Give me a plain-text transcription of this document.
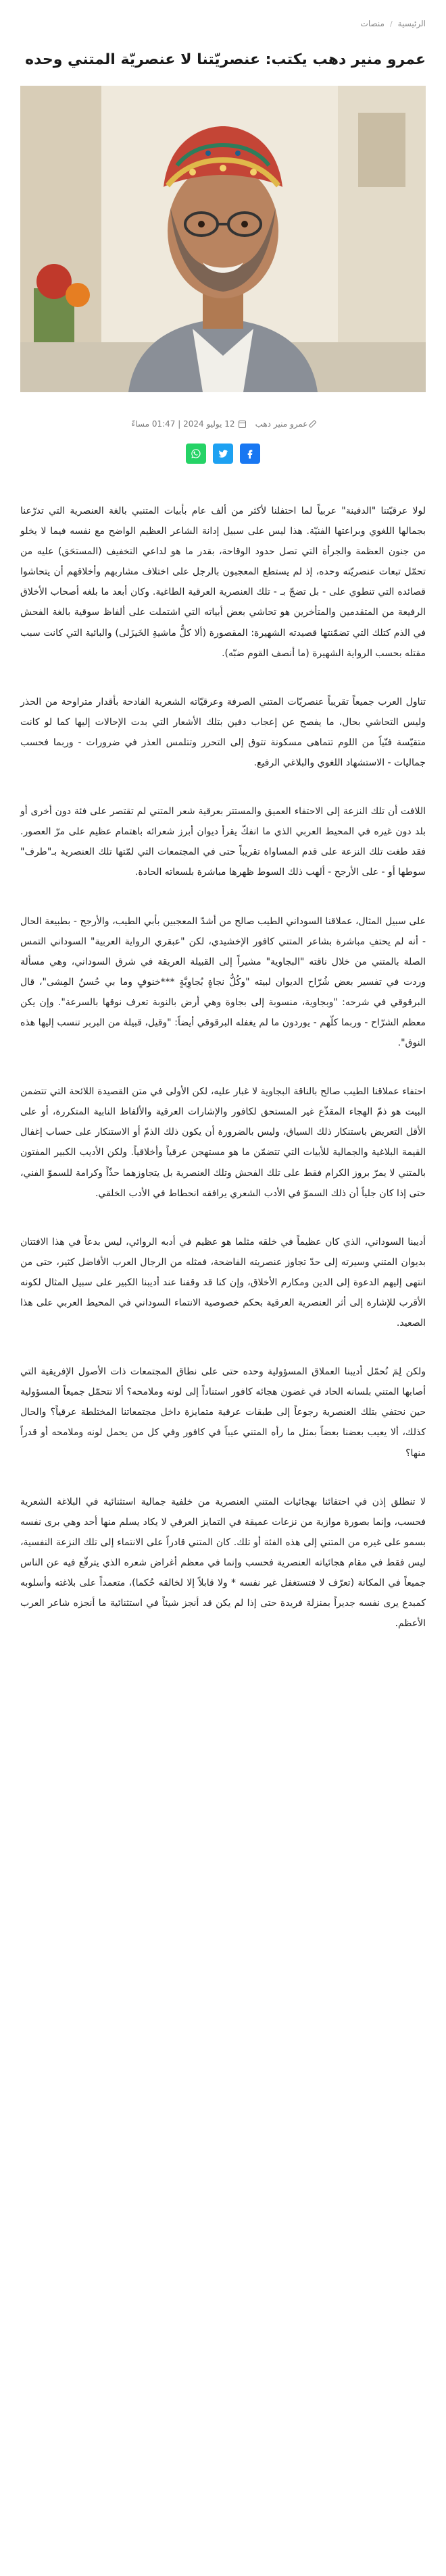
الرئيسية
/
منصات
عمرو منير دهب يكتب: عنصريّتنا لا عنصريّة المتني وحده
عمرو منير دهب
12 يوليو 2024 | 01:47 مساءً

لولا عرقيّتنا "الدفينة" عربياً لما احتفلنا لأكثر من ألف عام بأبيات المتنبي بالغة العنصرية التي تدرّعنا بجمالها اللغوي وبراعتها الفنيّة. هذا ليس على سبيل إدانة الشاعر العظيم الواضح مع نفسه فيما لا يخلو من جنون العظمة والجرأة التي تصل حدود الوقاحة، بقدر ما هو لداعي التخفيف (المستحَق) عليه من تحمّل تبعات عنصريّته وحده، إذ لم يستطع المعجبون بالرجل على اختلاف مشاربهم وأخلاقهم أن يتحاشوا قصائده التي تنطوي على - بل تضجّ بـ - تلك العنصرية العرقية الطاغية. وكان أبعد ما بلغه أصحاب الأخلاق الرفيعة من المتقدمين والمتأخرين هو تحاشي بعض أبياته التي اشتملت على ألفاظ سوقية بالغة الفحش في الذم كتلك التي تضمّنتها قصيدته الشهيرة: المقصورة (ألا كلُّ ماشيةِ الخَيزَلى) والبائية التي كانت سبب مقتله بحسب الرواية الشهيرة (ما أنصف القوم ضبّه).

تناول العرب جميعاً تقريباً عنصريّات المتني الصرفة وعرقيّاته الشعرية الفادحة بأقدار متراوحة من الحذر وليس التحاشي بحال، ما يفصح عن إعجاب دفين بتلك الأشعار التي بدت الإحالات إليها كما لو كانت متقيّسة فنّياً من اللوم تتماهى مسكونة تتوق إلى التحرر وتتلمس العذر في ضرورات - وربما فحسب جماليات - الاستشهاد اللغوي والبلاغي الرفيع.

اللافت أن تلك النزعة إلى الاحتفاء العميق والمستتر بعرقية شعر المتني لم تقتصر على فئة دون أخرى أو بلد دون غيره في المحيط العربي الذي ما انفكّ يقرأ ديوان أبرز شعرائه باهتمام عظيم على مرّ العصور. فقد طغت تلك النزعة على قدم المساواة تقريباً حتى في المجتمعات التي لمّتها تلك العنصرية بـ"طرف" سوطها أو - على الأرجح - ألهب ذلك السوط ظهرها مباشرة بلسعاته الحادة.

على سبيل المثال، عملاقنا السوداني الطيب صالح من أشدّ المعجبين بأبي الطيب، والأرجح - بطبيعة الحال - أنه لم يحتفِ مباشرة بشاعر المتني كافور الإخشيدي، لكن "عبقري الرواية العربية" السوداني التمس الصلة بالمتني من خلال ناقته "البجاوية" مشيراً إلى القبيلة العريقة في شرق السوداني، وهي مسألة وردت في تفسير بعض شُرّاح الديوان لبيته "وكُلُّ نجاةٍ بُجاوِيَّةٍ ***خنوفٍ وما بي حُسنُ المِشى"، قال البرقوقي في شرحه: "وبجاوية، منسوبة إلى بجاوة وهي أرض بالنوبة تعرف نوقها بالسرعة". وإن يكن معظم الشرّاح - وربما كلّهم - يوردون ما لم يغفله البرقوقي أيضاً: "وقيل، قبيلة من البربر تنسب إليها هذه النوق".

احتفاء عملاقنا الطيب صالح بالناقة البجاوية لا غبار عليه، لكن الأولى في متن القصيدة اللائحة التي تتضمن البيت هو ذمّ الهجاء المقذّع غير المستحق لكافور والإشارات العرقية والألفاظ النابية المتكررة، أو على الأقل التعريض باستنكار ذلك السياق، وليس بالضرورة أن يكون ذلك الذمّ أو الاستنكار على حساب إغفال القيمة البلاغية والجمالية للأبيات التي تتضمّن ما هو مستهجن عرقياً وأخلاقياً. ولكن الأديب الكبير المفتون بالمتني لا يمرّ بروز الكرام فقط على تلك الفحش وتلك العنصرية بل يتجاوزهما حذّاً وكرامة للسموّ الفني، حتى إذا كان جلياً أن ذلك السموّ في الأدب الشعري يرافقه انحطاط في الأدب الخلقي.

أديبنا السوداني، الذي كان عظيماً في خلقه مثلما هو عظيم في أدبه الروائي، ليس بدعاً في هذا الافتتان بديوان المتني وسيرته إلى حدّ تجاوز عنصريته الفاضحة، فمثله من الرجال العرب الأفاضل كثير، حتى من انتهى إليهم الدعوة إلى الدين ومكارم الأخلاق، وإن كنا قد وقفنا عند أديبنا الكبير على سبيل المثال لكونه الأقرب للإشارة إلى أثر العنصرية العرقية بحكم خصوصية الانتماء السوداني في المحيط العربي على هذا الصعيد.

ولكن لِمَ نُحمّل أديبنا العملاق المسؤولية وحده حتى على نطاق المجتمعات ذات الأصول الإفريقية التي أصابها المتني بلسانه الحاد في غضون هجائه كافور استناداً إلى لونه وملامحه؟ ألا نتحمّل جميعاً المسؤولية حين نحتفي بتلك العنصرية رجوعاً إلى طبقات عرقية متمايزة داخل مجتمعاتنا المختلطة عرقياً؟ والحال كذلك، ألا يعيب بعضنا بعضاً بمثل ما رأه المتني عيباً في كافور وفي كل من يحمل لونه وملامحه أو قدراً منها؟

لا تنطلق إذن في احتفائنا بهجائيات المتني العنصرية من خلفية جمالية استثنائية في البلاغة الشعرية فحسب، وإنما بصورة موازية من نزعات عميقة في التمايز العرقي لا يكاد يسلم منها أحد وهي برى نفسه بسمو على غيره من المتني إلى هذه الفئة أو تلك. كان المتني قادراً على الانتماء إلى تلك النزعة النفسية، ليس فقط في مقام هجائياته العنصرية فحسب وإنما في معظم أغراض شعره الذي يترفّع فيه عن الناس جميعاً في المكانة (تعرّف لا فتستغفل غير نفسه * ولا قابلاً إلا لخالقه حُكما)، متعمداً على بلاغته وأسلوبه كمبدع يرى نفسه جديراً بمنزلة فريدة حتى إذا لم يكن قد أنجز شيئاً في استثنائية ما أنجزه شاعر العرب الأعظم.
